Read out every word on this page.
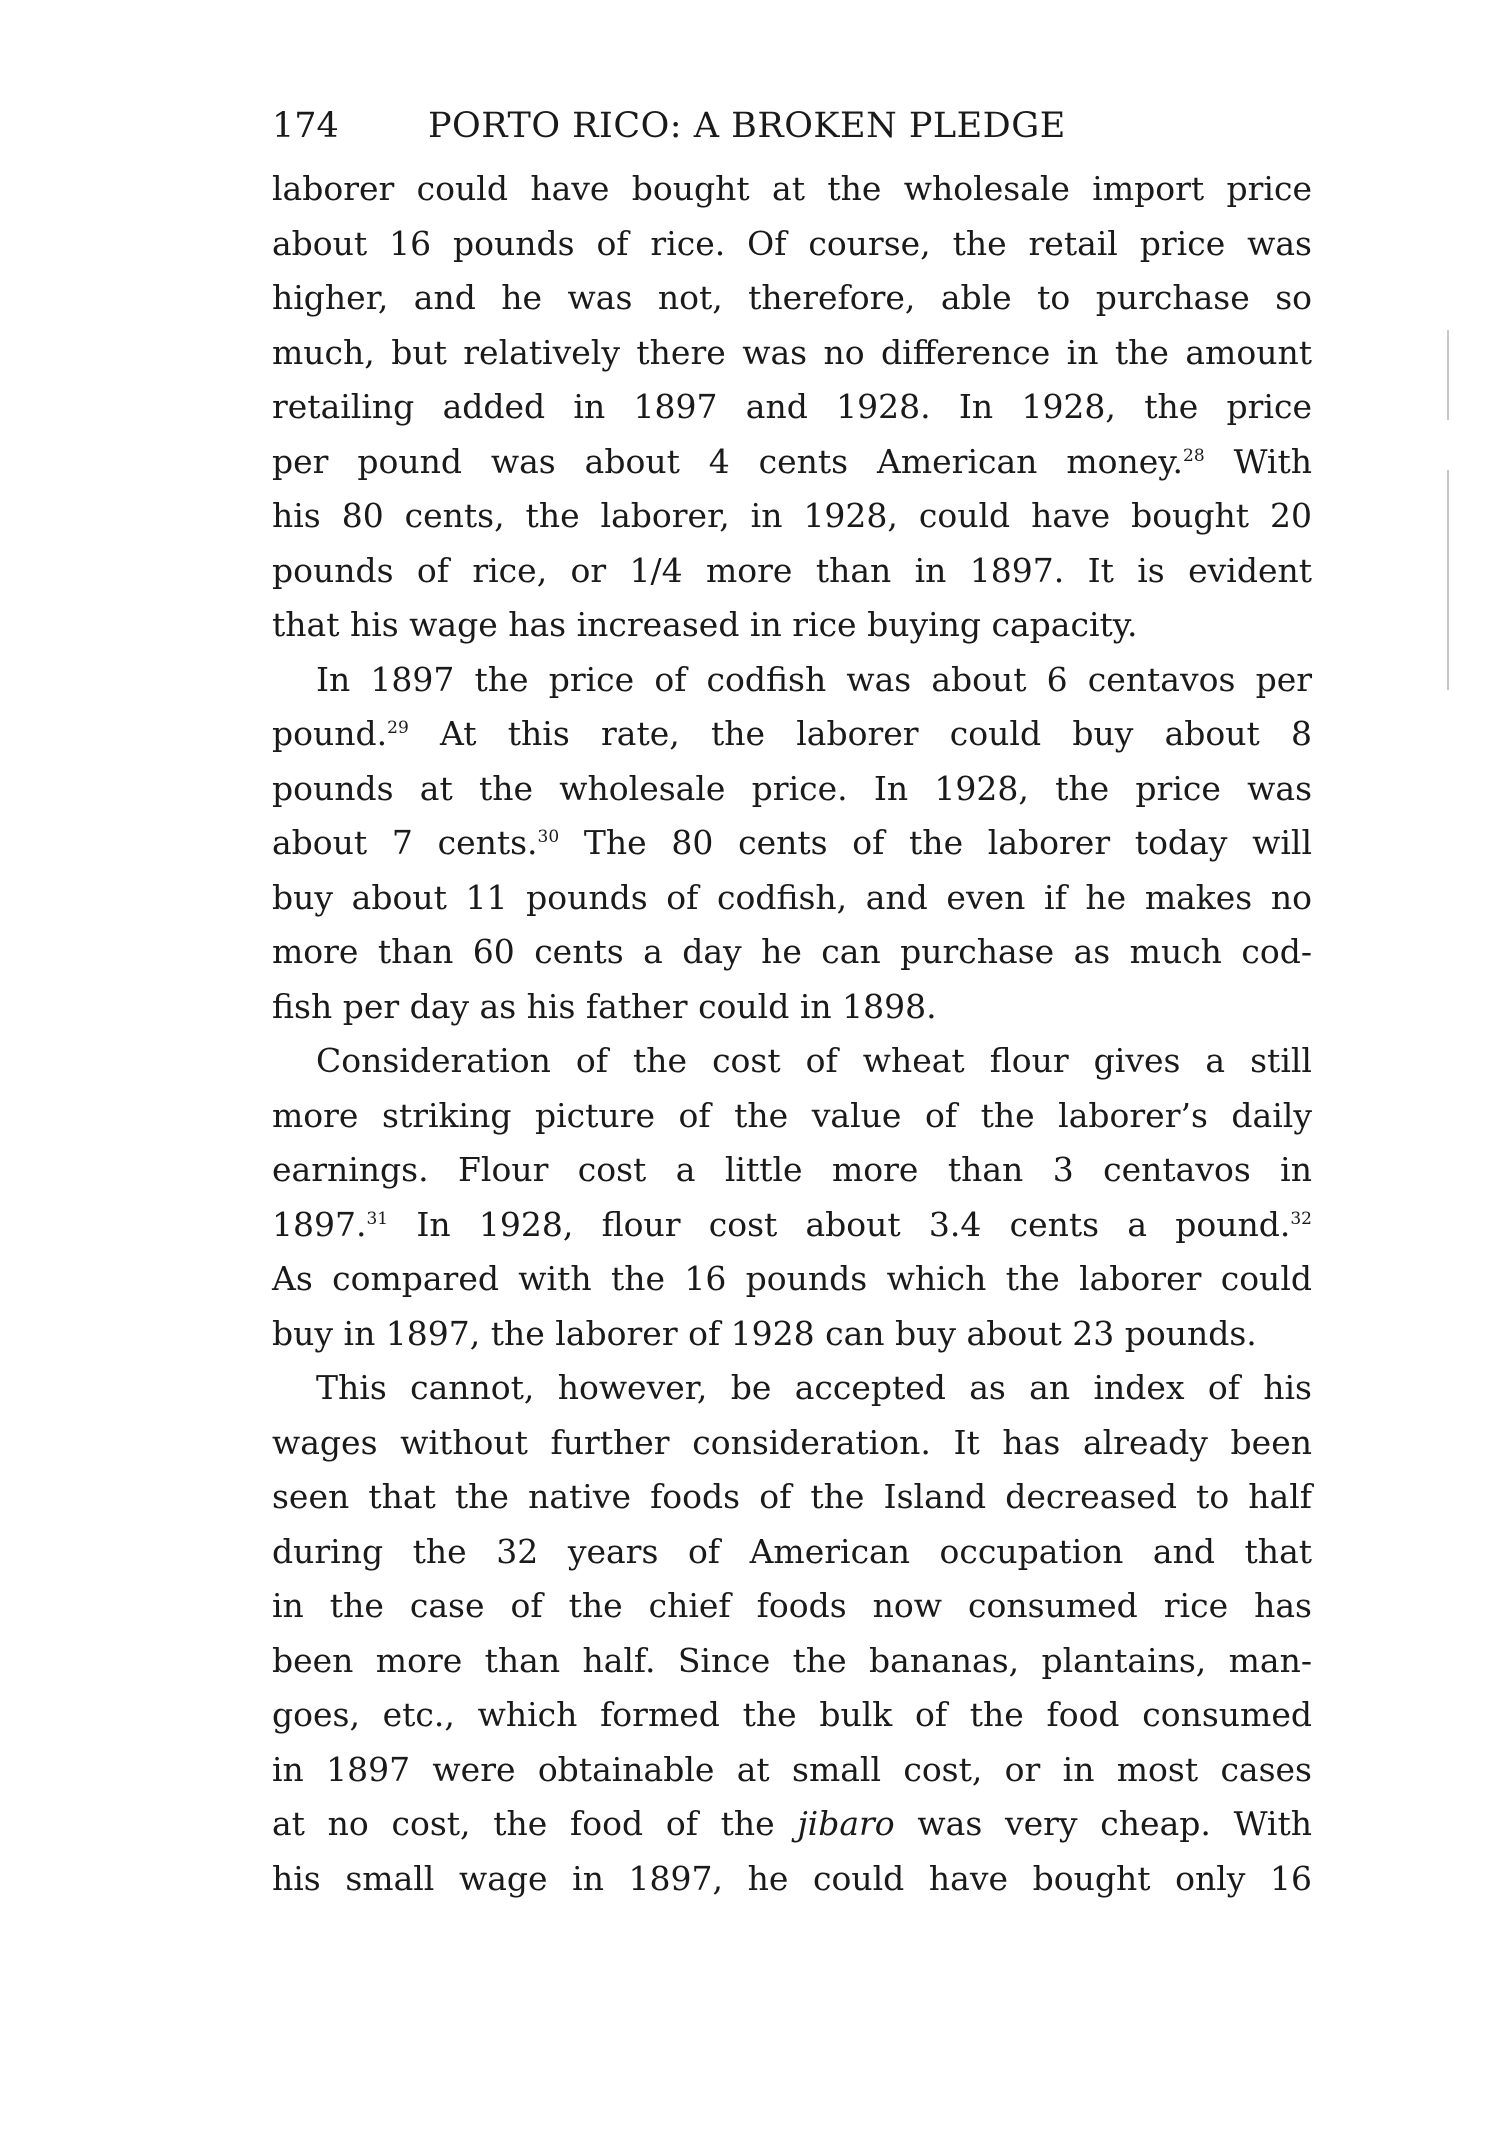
174	PORTO RICO: A BROKEN PLEDGE
laborer could have bought at the wholesale import price
about 16 pounds of rice. Of course, the retail price was
higher, and he was not, therefore, able to purchase so
much, but relatively there was no difference in the amount
retailing added in 1897 and 1928. In 1928, the price
per pound was about 4 cents American money.$^{28}$ With
his 80 cents, the laborer, in 1928, could have bought 20
pounds of rice, or 1/4 more than in 1897. It is evident
that his wage has increased in rice buying capacity.
In 1897 the price of codfish was about 6 centavos per
pound.$^{29}$ At this rate, the laborer could buy about 8
pounds at the wholesale price. In 1928, the price was
about 7 cents.$^{30}$ The 80 cents of the laborer today will
buy about 11 pounds of codfish, and even if he makes no
more than 60 cents a day he can purchase as much cod-
fish per day as his father could in 1898.
Consideration of the cost of wheat flour gives a still
more striking picture of the value of the laborer’s daily
earnings. Flour cost a little more than 3 centavos in
1897.31 In 1928, flour cost about 3.4 cents a pound.$^{32}$
As compared with the 16 pounds which the laborer could
buy in 1897, the laborer of 1928 can buy about 23 pounds.
This cannot, however, be accepted as an index of his
wages without further consideration. It has already been
seen that the native foods of the Island decreased to half
during the 32 years of American occupation and that
in the case of the chief foods now consumed rice has
been more than half. Since the bananas, plantains, man-
goes, etc., which formed the bulk of the food consumed
in 1897 were obtainable at small cost, or in most cases
at no cost, the food of the jibaro was very cheap. With
his small wage in 1897, he could have bought only 16
